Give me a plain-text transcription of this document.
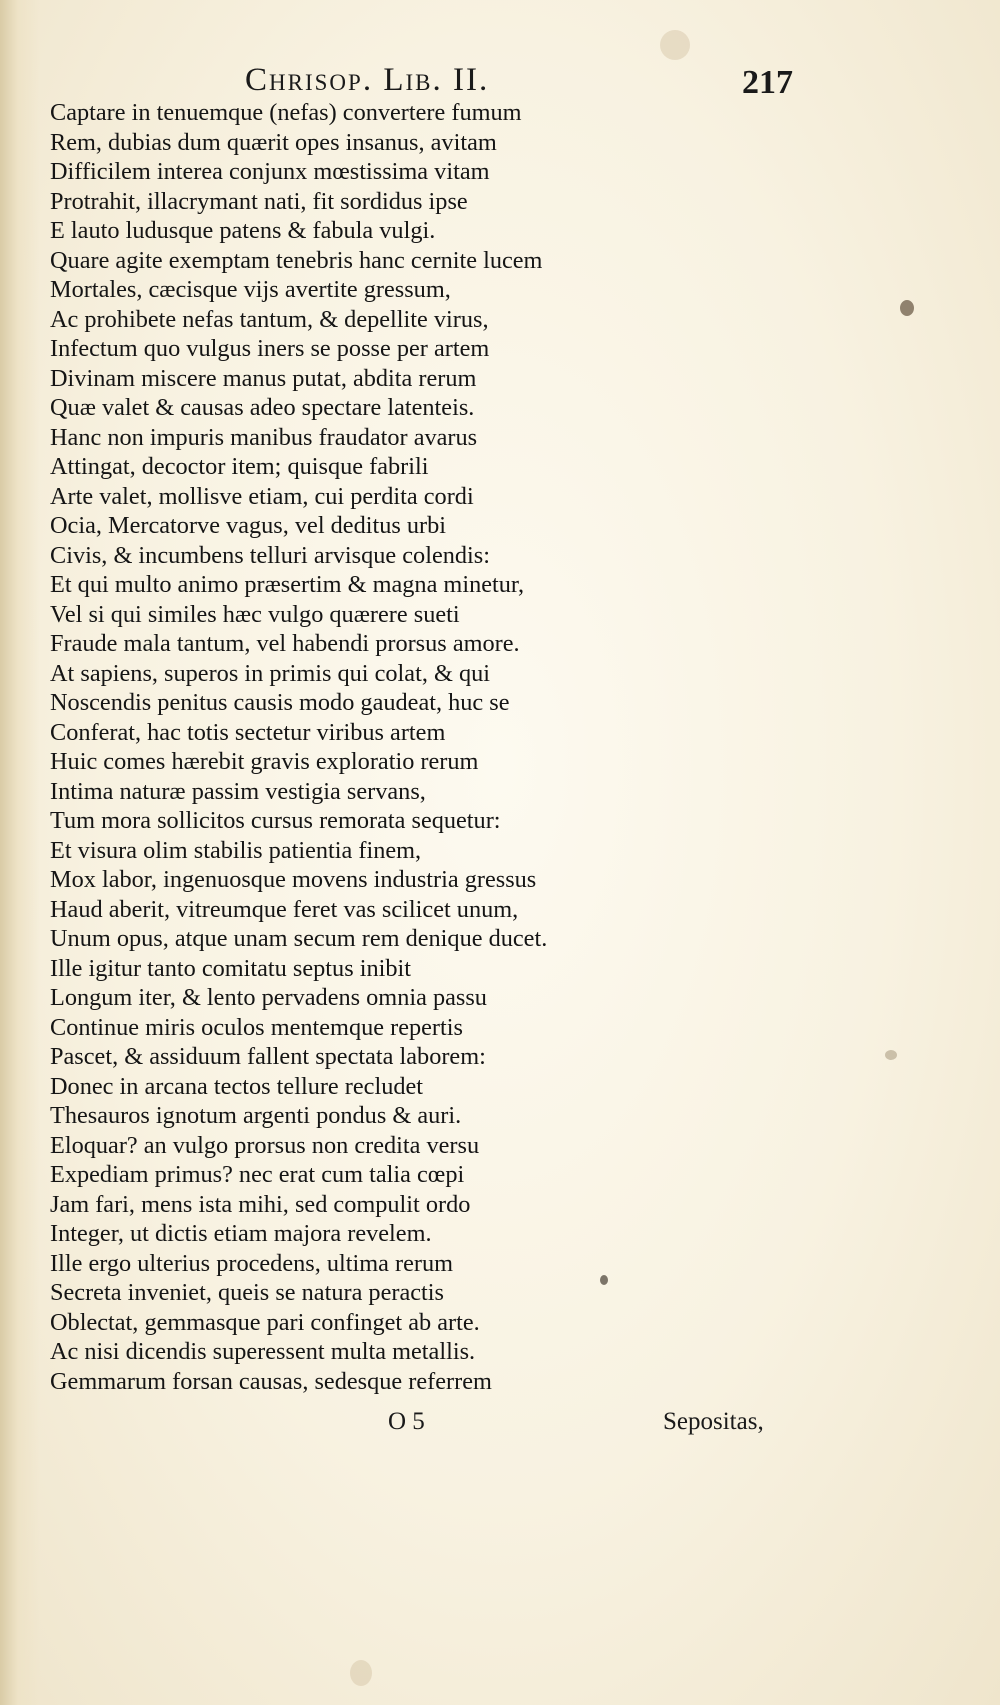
Chrisop. Lib. II.	217
Captare in tenuemque (nefas) convertere fumum
Rem, dubias dum quærit opes insanus, avitam
Difficilem interea conjunx mœstissima vitam
Protrahit, illacrymant nati, fit sordidus ipse
E lauto ludusque patens & fabula vulgi.
Quare agite exemptam tenebris hanc cernite lucem
Mortales, cæcisque vijs avertite gressum,
Ac prohibete nefas tantum, & depellite virus,
Infectum quo vulgus iners se posse per artem
Divinam miscere manus putat, abdita rerum
Quæ valet & causas adeo spectare latenteis.
Hanc non impuris manibus fraudator avarus
Attingat, decoctor item; quisque fabrili
Arte valet, mollisve etiam, cui perdita cordi
Ocia, Mercatorve vagus, vel deditus urbi
Civis, & incumbens telluri arvisque colendis:
Et qui multo animo præsertim & magna minetur,
Vel si qui similes hæc vulgo quærere sueti
Fraude mala tantum, vel habendi prorsus amore.
At sapiens, superos in primis qui colat, & qui
Noscendis penitus causis modo gaudeat, huc se
Conferat, hac totis sectetur viribus artem
Huic comes hærebit gravis exploratio rerum
Intima naturæ passim vestigia servans,
Tum mora sollicitos cursus remorata sequetur:
Et visura olim stabilis patientia finem,
Mox labor, ingenuosque movens industria gressus
Haud aberit, vitreumque feret vas scilicet unum,
Unum opus, atque unam secum rem denique ducet.
Ille igitur tanto comitatu septus inibit
Longum iter, & lento pervadens omnia passu
Continue miris oculos mentemque repertis
Pascet, & assiduum fallent spectata laborem:
Donec in arcana tectos tellure recludet
Thesauros ignotum argenti pondus & auri.
Eloquar? an vulgo prorsus non credita versu
Expediam primus? nec erat cum talia cœpi
Jam fari, mens ista mihi, sed compulit ordo
Integer, ut dictis etiam majora revelem.
Ille ergo ulterius procedens, ultima rerum
Secreta inveniet, queis se natura peractis
Oblectat, gemmasque pari confinget ab arte.
Ac nisi dicendis superessent multa metallis.
Gemmarum forsan causas, sedesque referrem
O 5	Sepositas,
